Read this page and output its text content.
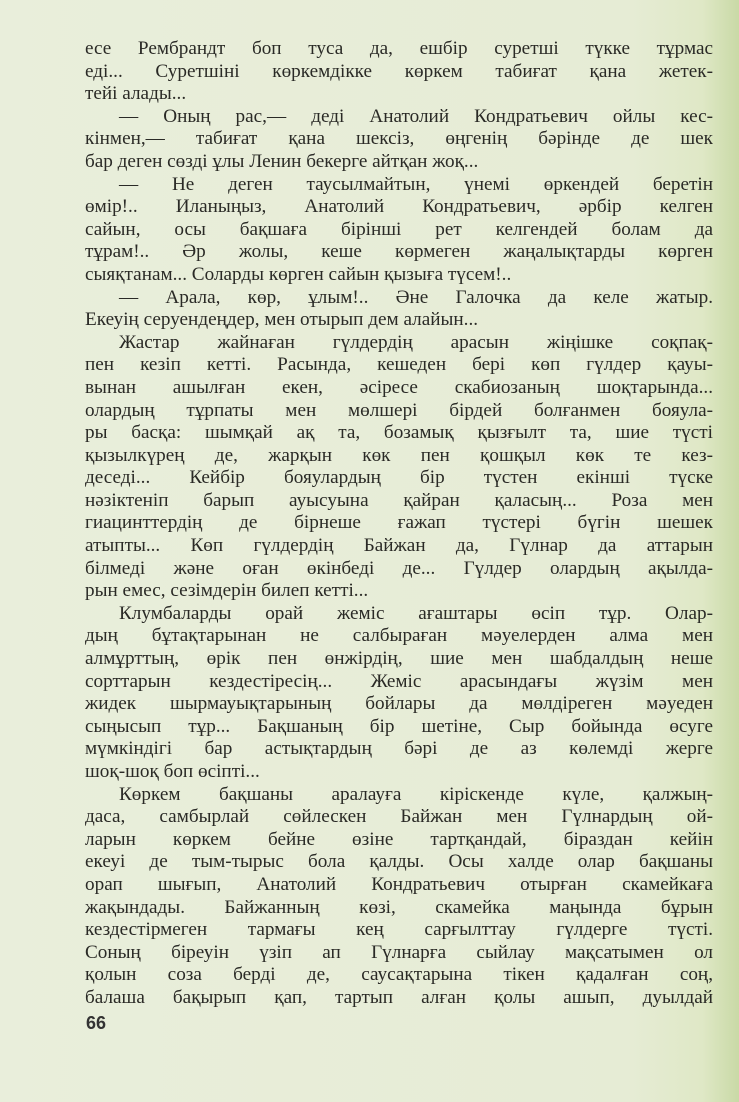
есе Рембрандт боп туса да, ешбір суретші түкке тұрмас
еді... Суретшіні көркемдікке көркем табиғат қана жетек-
тейі алады...
— Оның рас,— деді Анатолий Кондратьевич ойлы кес-
кінмен,— табиғат қана шексіз, өңгенің бәрінде де шек
бар деген сөзді ұлы Ленин бекерге айтқан жоқ...
— Не деген таусылмайтын, үнемі өркендей беретін
өмір!.. Иланыңыз, Анатолий Кондратьевич, әрбір келген
сайын, осы бақшаға бірінші рет келгендей болам да
тұрам!.. Әр жолы, кеше көрмеген жаңалықтарды көрген
сыяқтанам... Соларды көрген сайын қызыға түсем!..
— Арала, көр, ұлым!.. Әне Галочка да келе жатыр.
Екеуің серуендеңдер, мен отырып дем алайын...
Жастар жайнаған гүлдердің арасын жіңішке соқпақ-
пен кезіп кетті. Расында, кешеден бері көп гүлдер қауы-
вынан ашылған екен, әсіресе скабиозаның шоқтарында...
олардың тұрпаты мен мөлшері бірдей болғанмен бояула-
ры басқа: шымқай ақ та, бозамық қызғылт та, шие түсті
қызылкүрең де, жарқын көк пен қошқыл көк те кез-
деседі... Кейбір бояулардың бір түстен екінші түске
нәзіктеніп барып ауысуына қайран қаласың... Роза мен
гиацинттердің де бірнеше ғажап түстері бүгін шешек
атыпты... Көп гүлдердің Байжан да, Гүлнар да аттарын
білмеді және оған өкінбеді де... Гүлдер олардың ақылда-
рын емес, сезімдерін билеп кетті...
Клумбаларды орай жеміс ағаштары өсіп тұр. Олар-
дың бұтақтарынан не салбыраған мәуелерден алма мен
алмұрттың, өрік пен өнжірдің, шие мен шабдалдың неше
сорттарын кездестіресің... Жеміс арасындағы жүзім мен
жидек шырмауықтарының бойлары да мөлдіреген мәуеден
сыңысып тұр... Бақшаның бір шетіне, Сыр бойында өсуге
мүмкіндігі бар астықтардың бәрі де аз көлемді жерге
шоқ-шоқ боп өсіпті...
Көркем бақшаны аралауға кірiскенде күле, қалжың-
даса, самбырлай сөйлескен Байжан мен Гүлнардың ой-
ларын көркем бейне өзіне тартқандай, біраздан кейін
екеуі де тым-тырыс бола қалды. Осы халде олар бақшаны
орап шығып, Анатолий Кондратьевич отырған скамейкаға
жақындады. Байжанның көзі, скамейка маңында бұрын
кездестірмеген тармағы кең сарғылттау гүлдерге түсті.
Соның біреуін үзіп ап Гүлнарға сыйлау мақсатымен ол
қолын соза берді де, саусақтарына тікен қадалған соң,
балаша бақырып қап, тартып алған қолы ашып, дуылдай
66
